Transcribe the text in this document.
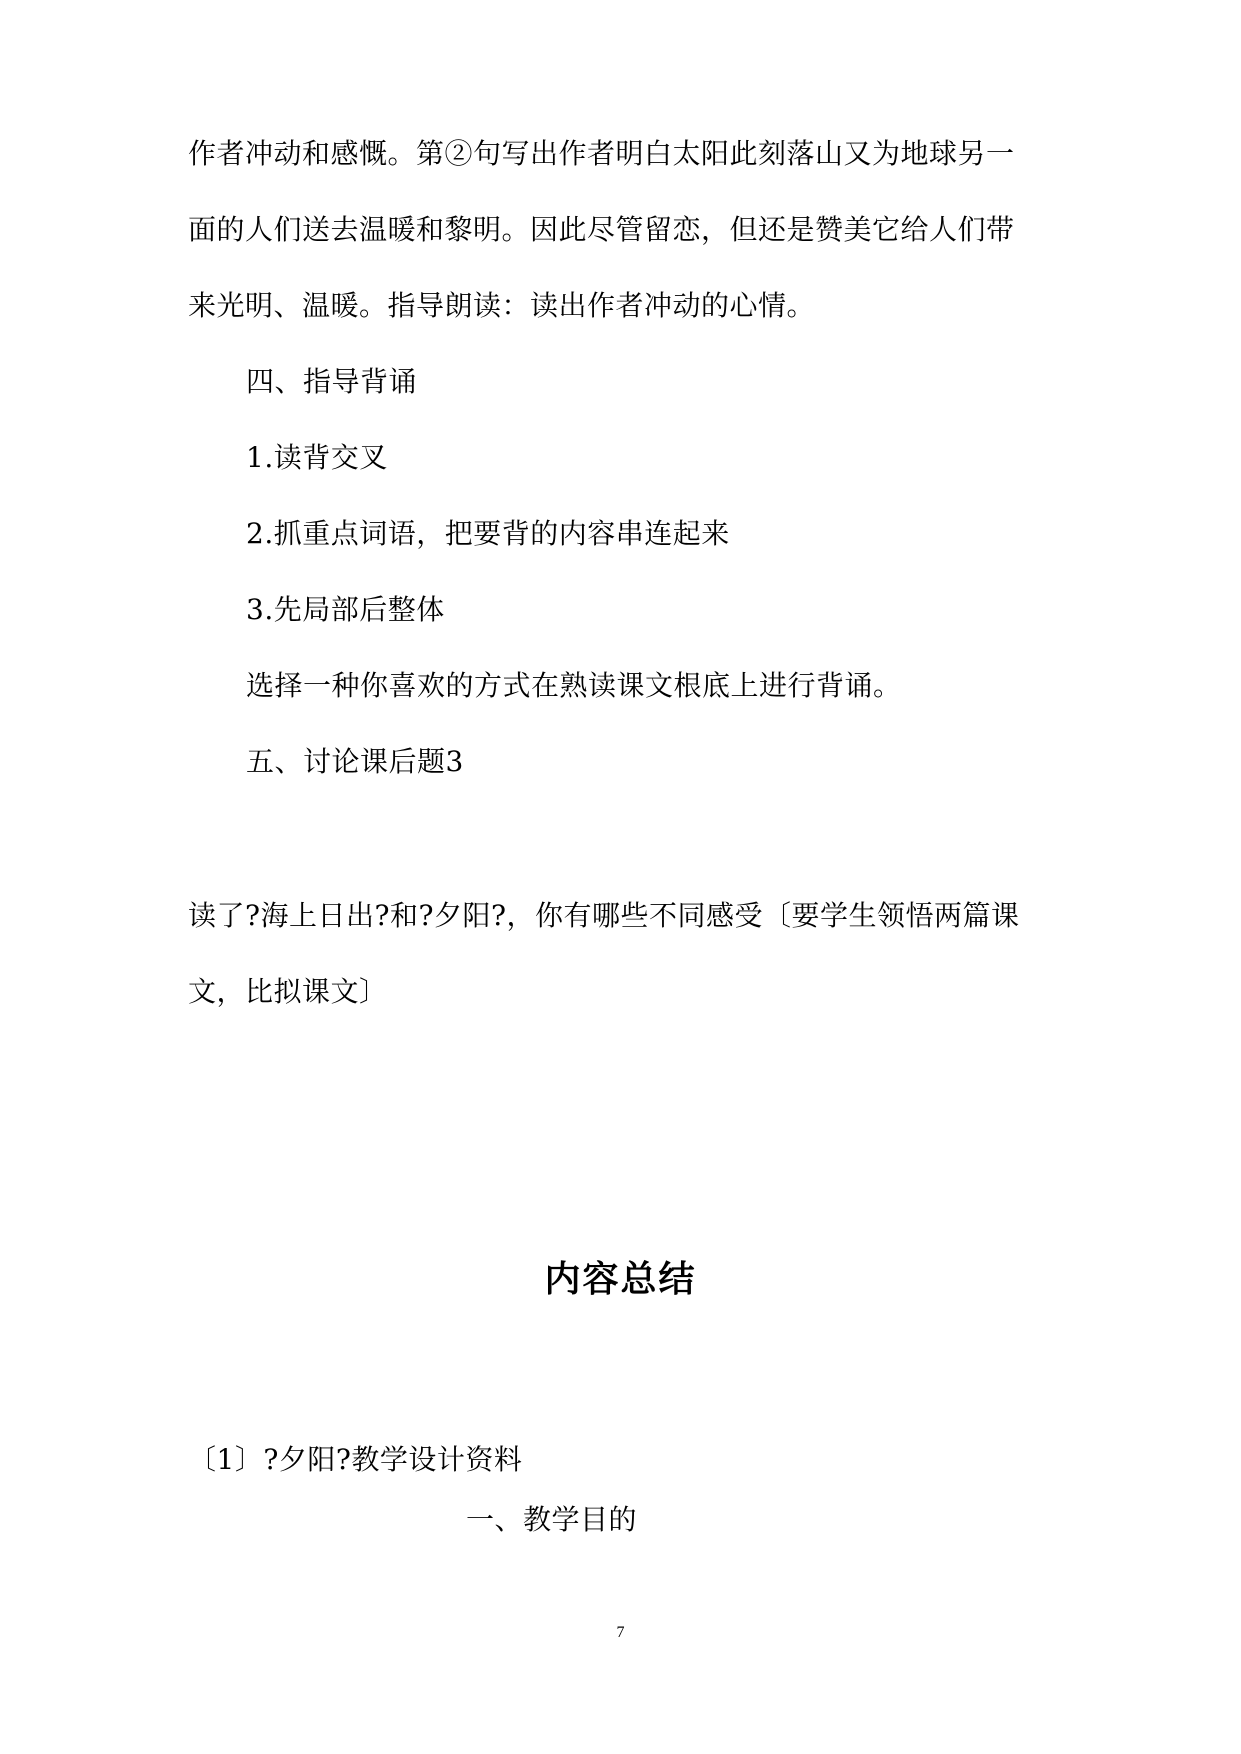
作者冲动和感慨。第②句写出作者明白太阳此刻落山又为地球另一
面的人们送去温暖和黎明。因此尽管留恋，但还是赞美它给人们带
来光明、温暖。指导朗读：读出作者冲动的心情。
四、指导背诵
1.读背交叉
2.抓重点词语，把要背的内容串连起来
3.先局部后整体
选择一种你喜欢的方式在熟读课文根底上进行背诵。
五、讨论课后题3
读了?海上日出?和?夕阳?，你有哪些不同感受〔要学生领悟两篇课
文，比拟课文〕
内容总结
〔1〕?夕阳?教学设计资料
一、教学目的
7
